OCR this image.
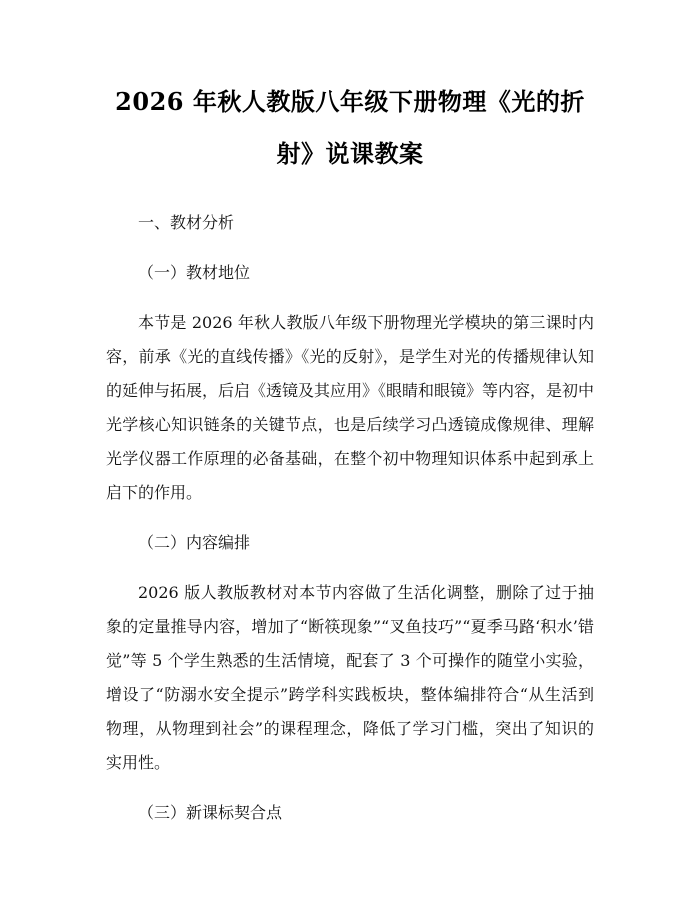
2026 年秋人教版八年级下册物理《光的折射》说课教案

一、教材分析

（一）教材地位

本节是 2026 年秋人教版八年级下册物理光学模块的第三课时内容，前承《光的直线传播》《光的反射》，是学生对光的传播规律认知的延伸与拓展，后启《透镜及其应用》《眼睛和眼镜》等内容，是初中光学核心知识链条的关键节点，也是后续学习凸透镜成像规律、理解光学仪器工作原理的必备基础，在整个初中物理知识体系中起到承上启下的作用。

（二）内容编排

2026 版人教版教材对本节内容做了生活化调整，删除了过于抽象的定量推导内容，增加了“断筷现象”“叉鱼技巧”“夏季马路‘积水’错觉”等 5 个学生熟悉的生活情境，配套了 3 个可操作的随堂小实验，增设了“防溺水安全提示”跨学科实践板块，整体编排符合“从生活到物理，从物理到社会”的课程理念，降低了学习门槛，突出了知识的实用性。

（三）新课标契合点
